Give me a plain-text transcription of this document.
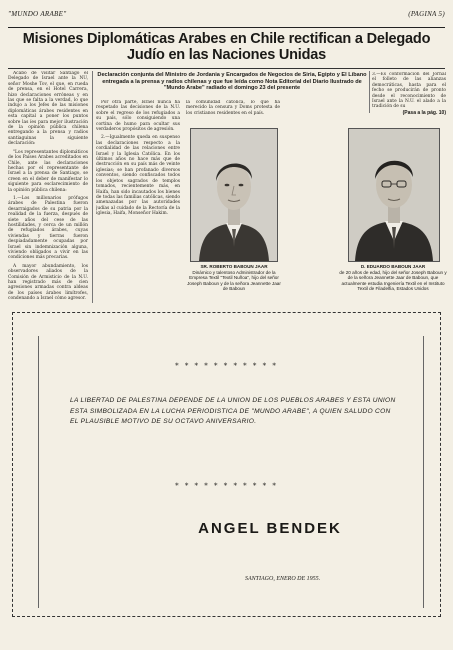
"MUNDO ARABE"	(PAGINA 5)
Misiones Diplomáticas Arabes en Chile rectifican a Delegado Judío en las Naciones Unidas

Acabo de visitar Santiago el Delegado de Israel ante la NU, señor Moshe Tov, el que, en rueda de prensa, en el Hotel Carrera, hizo declaraciones erróneas y en las que se falta a la verdad, lo que indujo a los Jefes de las misiones diplomáticas árabes residentes en esta capital a poner los puntos sobre las íes para mejor ilustración de la opinión pública chilena entregando a la prensa y radios santiaguinas la siguiente declaración:

"Los representantes diplomáticos de los Países Arabes acreditados en Chile, ante las declaraciones hechas por el representante de Israel a la prensa de Santiago, se creen en el deber de manifestar lo siguiente para esclarecimiento de la opinión pública chilena:

1.—Los millonarios prófugos árabes de Palestina fueron desarraigados de su patria por la realidad de la fuerza, después de siete años del cese de las hostilidades, y cerca de un millón de refugiados árabes, cuyas viviendas y tierras fueron despiadadamente ocupadas por Israel sin indemnización alguna, viviendo obligados a vivir en las condiciones más precarias.

A mayor abundamiento, los observadores aliados de la Comisión de Armisticio de la N.U. han registrado más de cien agresiones armadas contra aldeas de los países árabes limítrofes, condenando a Israel cómo agresor.

Declaración conjunta del Ministro de Jordania y Encargados de Negocios de Siria, Egipto y El Líbano entregada a la prensa y radios chilenas y que fue leída como Nota Editorial del Diario Ilustrado de "Mundo Arabe" radiado el domingo 23 del presente

Por otra parte, Israel nunca ha respetado las decisiones de la N.U. sobre el regreso de los refugiados a su país, sólo consiguiendo una cortina de humo para ocultar sus verdaderos propósitos de agresión.

2.—Igualmente queda en suspenso las declaraciones respecto a la cordialidad de las relaciones entre Israel y la Iglesia Católica. En los últimos años no hace más que de destrucción en su país más de veinte iglesias; se han profanado diversos conventos, siendo confiscados todos los objetos sagrados de templos tomados, recientemente más, en Haifa, han sido incautados los bienes de todas las familias católicas, siendo amenazadas por las autoridades judías al cuidado de la Rectoría de la iglesia, Haifa, Monseñor Hakim.

la comunidad católica, lo que ha merecido la censura y Doms protesta de los cristianos residentes en el país.
3.—Es conformación del Jornal el folleto de las alianzas democráticas, hasta para el fecho se producirán de pronto desde el reconocimiento de Israel ante la N.U. el alado a la tradición de su
(Pasa a la pág. 10)
SR. ROBERTO BABOUN JAAR
Dinámico y talentoso Administrador de la Empresa Textil "Textil Nuñoa", hijo del señor Joseph Baboun y de la señora Jeannette Jaar de Baboun
D. EDUARDO BABOUN JAAR
de 20 años de edad, hijo del señor Joseph Baboun y de la señora Jeannette Jaar de Baboun, que actualmente estudia Ingeniería Textil en el Instituto Textil de Filadelfia, Estados Unidos
* * * * * * * * * * *
LA LIBERTAD DE PALESTINA DEPENDE DE LA UNION DE LOS PUEBLOS ARABES Y ESTA UNION ESTA SIMBOLIZADA EN LA LUCHA PERIODISTICA DE "MUNDO ARABE", A QUIEN SALUDO CON EL PLAUSIBLE MOTIVO DE SU OCTAVO ANIVERSARIO.
* * * * * * * * * * *
ANGEL BENDEK
SANTIAGO, ENERO DE 1955.
